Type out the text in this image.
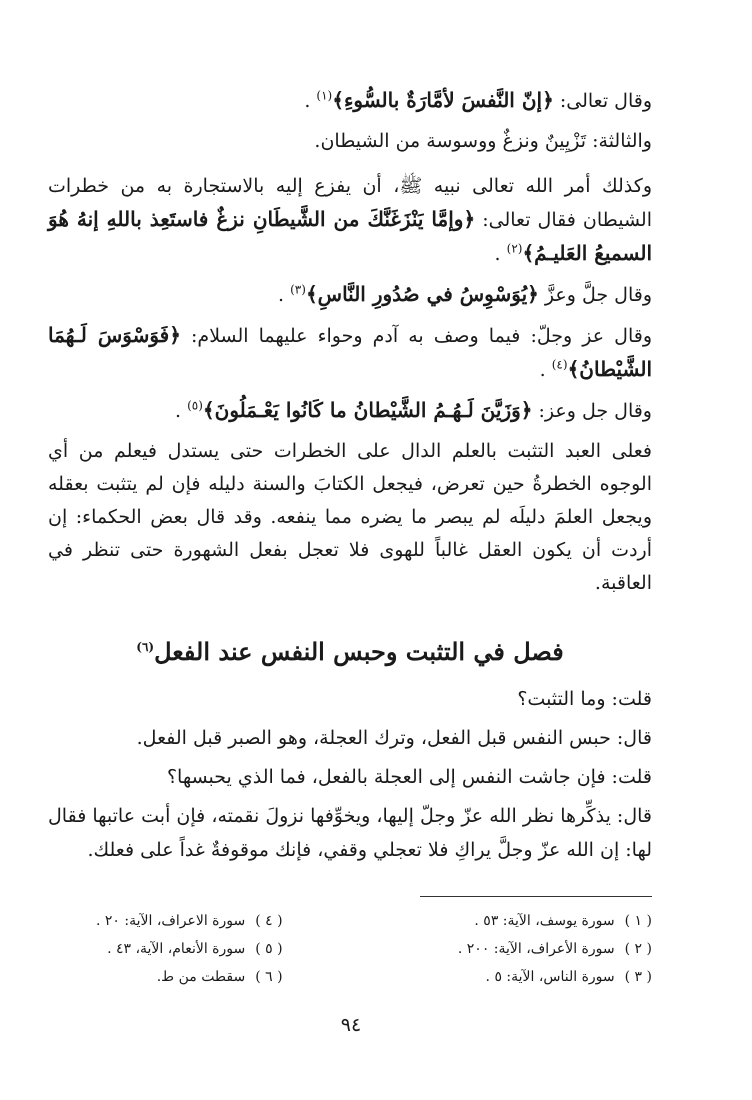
وقال تعالى: ﴿إنّ النَّفسَ لأمَّارَةٌ بالسُّوءِ﴾$^{(١)}$ .

والثالثة: تَزْيِينٌ ونزغٌ ووسوسة من الشيطان.

وكذلك أمر الله تعالى نبيه ﷺ، أن يفزع إليه بالاستجارة به من خطرات الشيطان فقال تعالى: ﴿وإمَّا يَنْزَغَنَّكَ من الشَّيطَانِ نزغٌ فاستَعِذ باللهِ إنهُ هُوَ السميعُ العَليـمُ﴾$^{(٢)}$ .

وقال جلَّ وعزَّ ﴿يُوَسْوِسُ في صُدُورِ النَّاسِ﴾$^{(٣)}$ .

وقال عز وجلّ: فيما وصف به آدم وحواء عليهما السلام: ﴿فَوَسْوَسَ لَـهُمَا الشَّيْطانُ﴾$^{(٤)}$ .

وقال جل وعز: ﴿وَزَيَّنَ لَـهُـمُ الشَّيْطانُ ما كَانُوا يَعْـمَلُونَ﴾$^{(٥)}$ .

فعلى العبد التثبت بالعلم الدال على الخطرات حتى يستدل فيعلم من أي الوجوه الخطرةُ حين تعرض، فيجعل الكتابَ والسنة دليله فإن لم يتثبت بعقله ويجعل العلمَ دليلَه لم يبصر ما يضره مما ينفعه. وقد قال بعض الحكماء: إن أردت أن يكون العقل غالباً للهوى فلا تعجل بفعل الشهورة حتى تنظر في العاقبة.

فصل في التثبت وحبس النفس عند الفعل$^{(٦)}$

قلت: وما التثبت؟

قال: حبس النفس قبل الفعل، وترك العجلة، وهو الصبر قبل الفعل.

قلت: فإن جاشت النفس إلى العجلة بالفعل، فما الذي يحبسها؟

قال: يذكِّرها نظر الله عزّ وجلّ إليها، ويخوِّفها نزولَ نقمته، فإن أبت عاتبها فقال لها: إن الله عزّ وجلَّ يراكِ فلا تعجلي وقفي، فإنك موقوفةٌ غداً على فعلك.

( ١ )سورة يوسف، الآية: ٥٣ .
( ٢ )سورة الأعراف، الآية: ٢٠٠ .
( ٣ )سورة الناس، الآية: ٥ .
( ٤ )سورة الاعراف، الآية: ٢٠ .
( ٥ )سورة الأنعام، الآية، ٤٣ .
( ٦ )سقطت من ط.
٩٤
